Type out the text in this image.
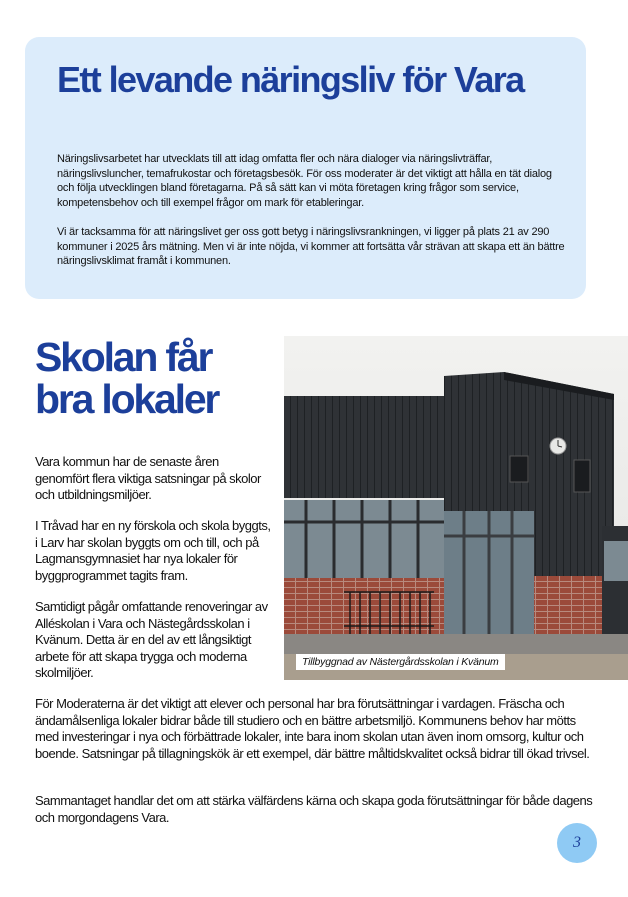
Ett levande näringsliv för Vara

Näringslivsarbetet har utvecklats till att idag omfatta fler och nära dialoger via näringslivträffar, näringslivsluncher, temafrukostar och företagsbesök. För oss moderater är det viktigt att hålla en tät dialog och följa utvecklingen bland företagarna. På så sätt kan vi möta företagen kring frågor som service, kompetensbehov och till exempel frågor om mark för etableringar.

Vi är tacksamma för att näringslivet ger oss gott betyg i näringslivsrankningen, vi ligger på plats 21 av 290 kommuner i 2025 års mätning. Men vi är inte nöjda, vi kommer att fortsätta vår strävan att skapa ett än bättre näringslivsklimat framåt i kommunen.

Skolan får bra lokaler

Vara kommun har de senaste åren genomfört flera viktiga satsningar på skolor och utbildningsmiljöer.

I Tråvad har en ny förskola och skola byggts, i Larv har skolan byggts om och till, och på Lagmansgymnasiet har nya lokaler för byggprogrammet tagits fram.

Samtidigt pågår omfattande renoveringar av Alléskolan i Vara och Nästegårdsskolan i Kvänum. Detta är en del av ett långsiktigt arbete för att skapa trygga och moderna skolmiljöer.

För Moderaterna är det viktigt att elever och personal har bra förutsättningar i vardagen. Fräscha och ändamålsenliga lokaler bidrar både till studiero och en bättre arbetsmiljö. Kommunens behov har mötts med investeringar i nya och förbättrade lokaler, inte bara inom skolan utan även inom omsorg, kultur och boende. Satsningar på tillagningskök är ett exempel, där bättre måltidskvalitet också bidrar till ökad trivsel.

Sammantaget handlar det om att stärka välfärdens kärna och skapa goda förutsättningar för både dagens och morgondagens Vara.

Tillbyggnad av Nästergårdsskolan i Kvänum
3
